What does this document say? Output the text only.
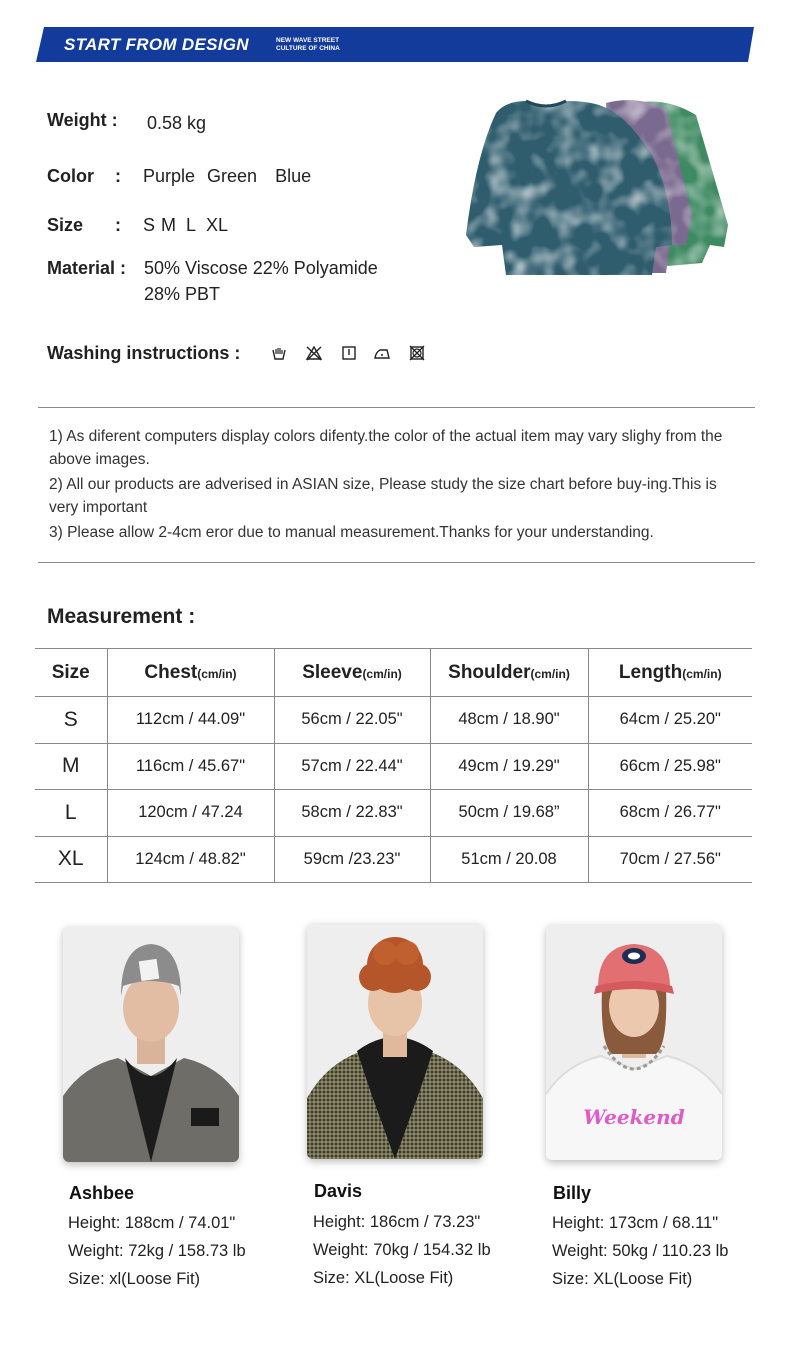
START FROM DESIGN	NEW WAVE STREET
CULTURE OF CHINA
Weight : 0.58 kg
Color : Purple Green Blue
Size : S M L XL
Material : 50% Viscose 22% Polyamide
28% PBT
Washing instructions :

1) As diferent computers display colors difenty.the color of the actual item may vary slighy from the above images.

2) All our products are adverised in ASIAN size, Please study the size chart before buy-ing.This is very important

3) Please allow 2-4cm eror due to manual measurement.Thanks for your understanding.

Measurement :
Size	Chest(cm/in)	Sleeve(cm/in)	Shoulder(cm/in)	Length(cm/in)
S	112cm / 44.09"	56cm / 22.05"	48cm / 18.90"	64cm / 25.20"
M	116cm / 45.67"	57cm / 22.44"	49cm / 19.29"	66cm / 25.98"
L	120cm / 47.24	58cm / 22.83"	50cm / 19.68”	68cm / 26.77"
XL	124cm / 48.82"	59cm /23.23"	51cm / 20.08	70cm / 27.56"
Ashbee
Height: 188cm / 74.01"
Weight: 72kg / 158.73 lb
Size: xl(Loose Fit)
Davis
Height: 186cm / 73.23"
Weight: 70kg / 154.32 lb
Size: XL(Loose Fit)
Weekend
Billy
Height: 173cm / 68.11"
Weight: 50kg / 110.23 lb
Size: XL(Loose Fit)
